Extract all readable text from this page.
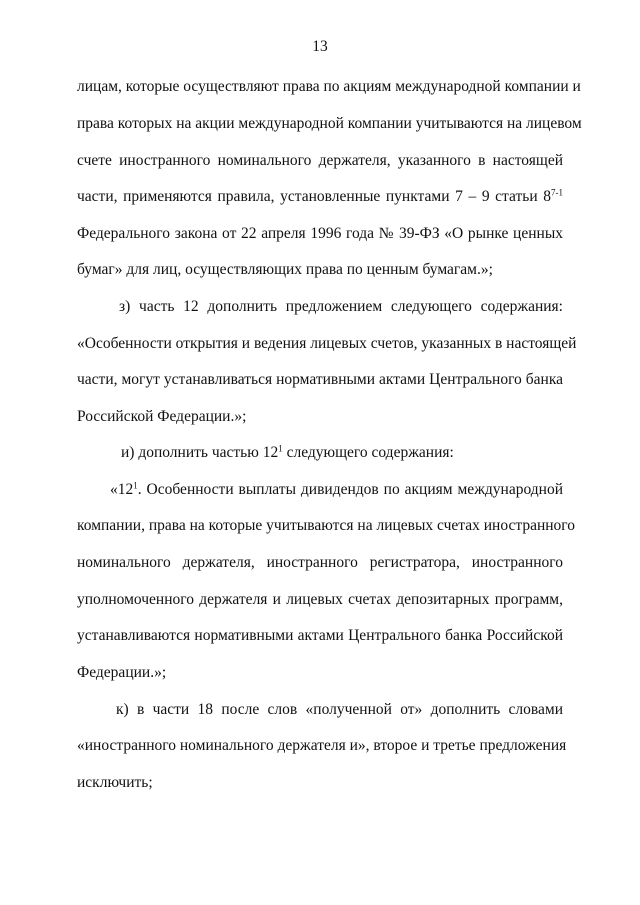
13
лицам, которые осуществляют права по акциям международной компании и
права которых на акции международной компании учитываются на лицевом
счете иностранного номинального держателя, указанного в настоящей
части, применяются правила, установленные пунктами 7 – 9 статьи 8$^{7-1}$
Федерального закона от 22 апреля 1996 года № 39-ФЗ «О рынке ценных
бумаг» для лиц, осуществляющих права по ценным бумагам.»;
з) часть 12 дополнить предложением следующего содержания:
«Особенности открытия и ведения лицевых счетов, указанных в настоящей
части, могут устанавливаться нормативными актами Центрального банка
Российской Федерации.»;
и) дополнить частью $12^1$ следующего содержания:
«$12^1$. Особенности выплаты дивидендов по акциям международной
компании, права на которые учитываются на лицевых счетах иностранного
номинального держателя, иностранного регистратора, иностранного
уполномоченного держателя и лицевых счетах депозитарных программ,
устанавливаются нормативными актами Центрального банка Российской
Федерации.»;
к) в части 18 после слов «полученной от» дополнить словами
«иностранного номинального держателя и», второе и третье предложения
исключить;
